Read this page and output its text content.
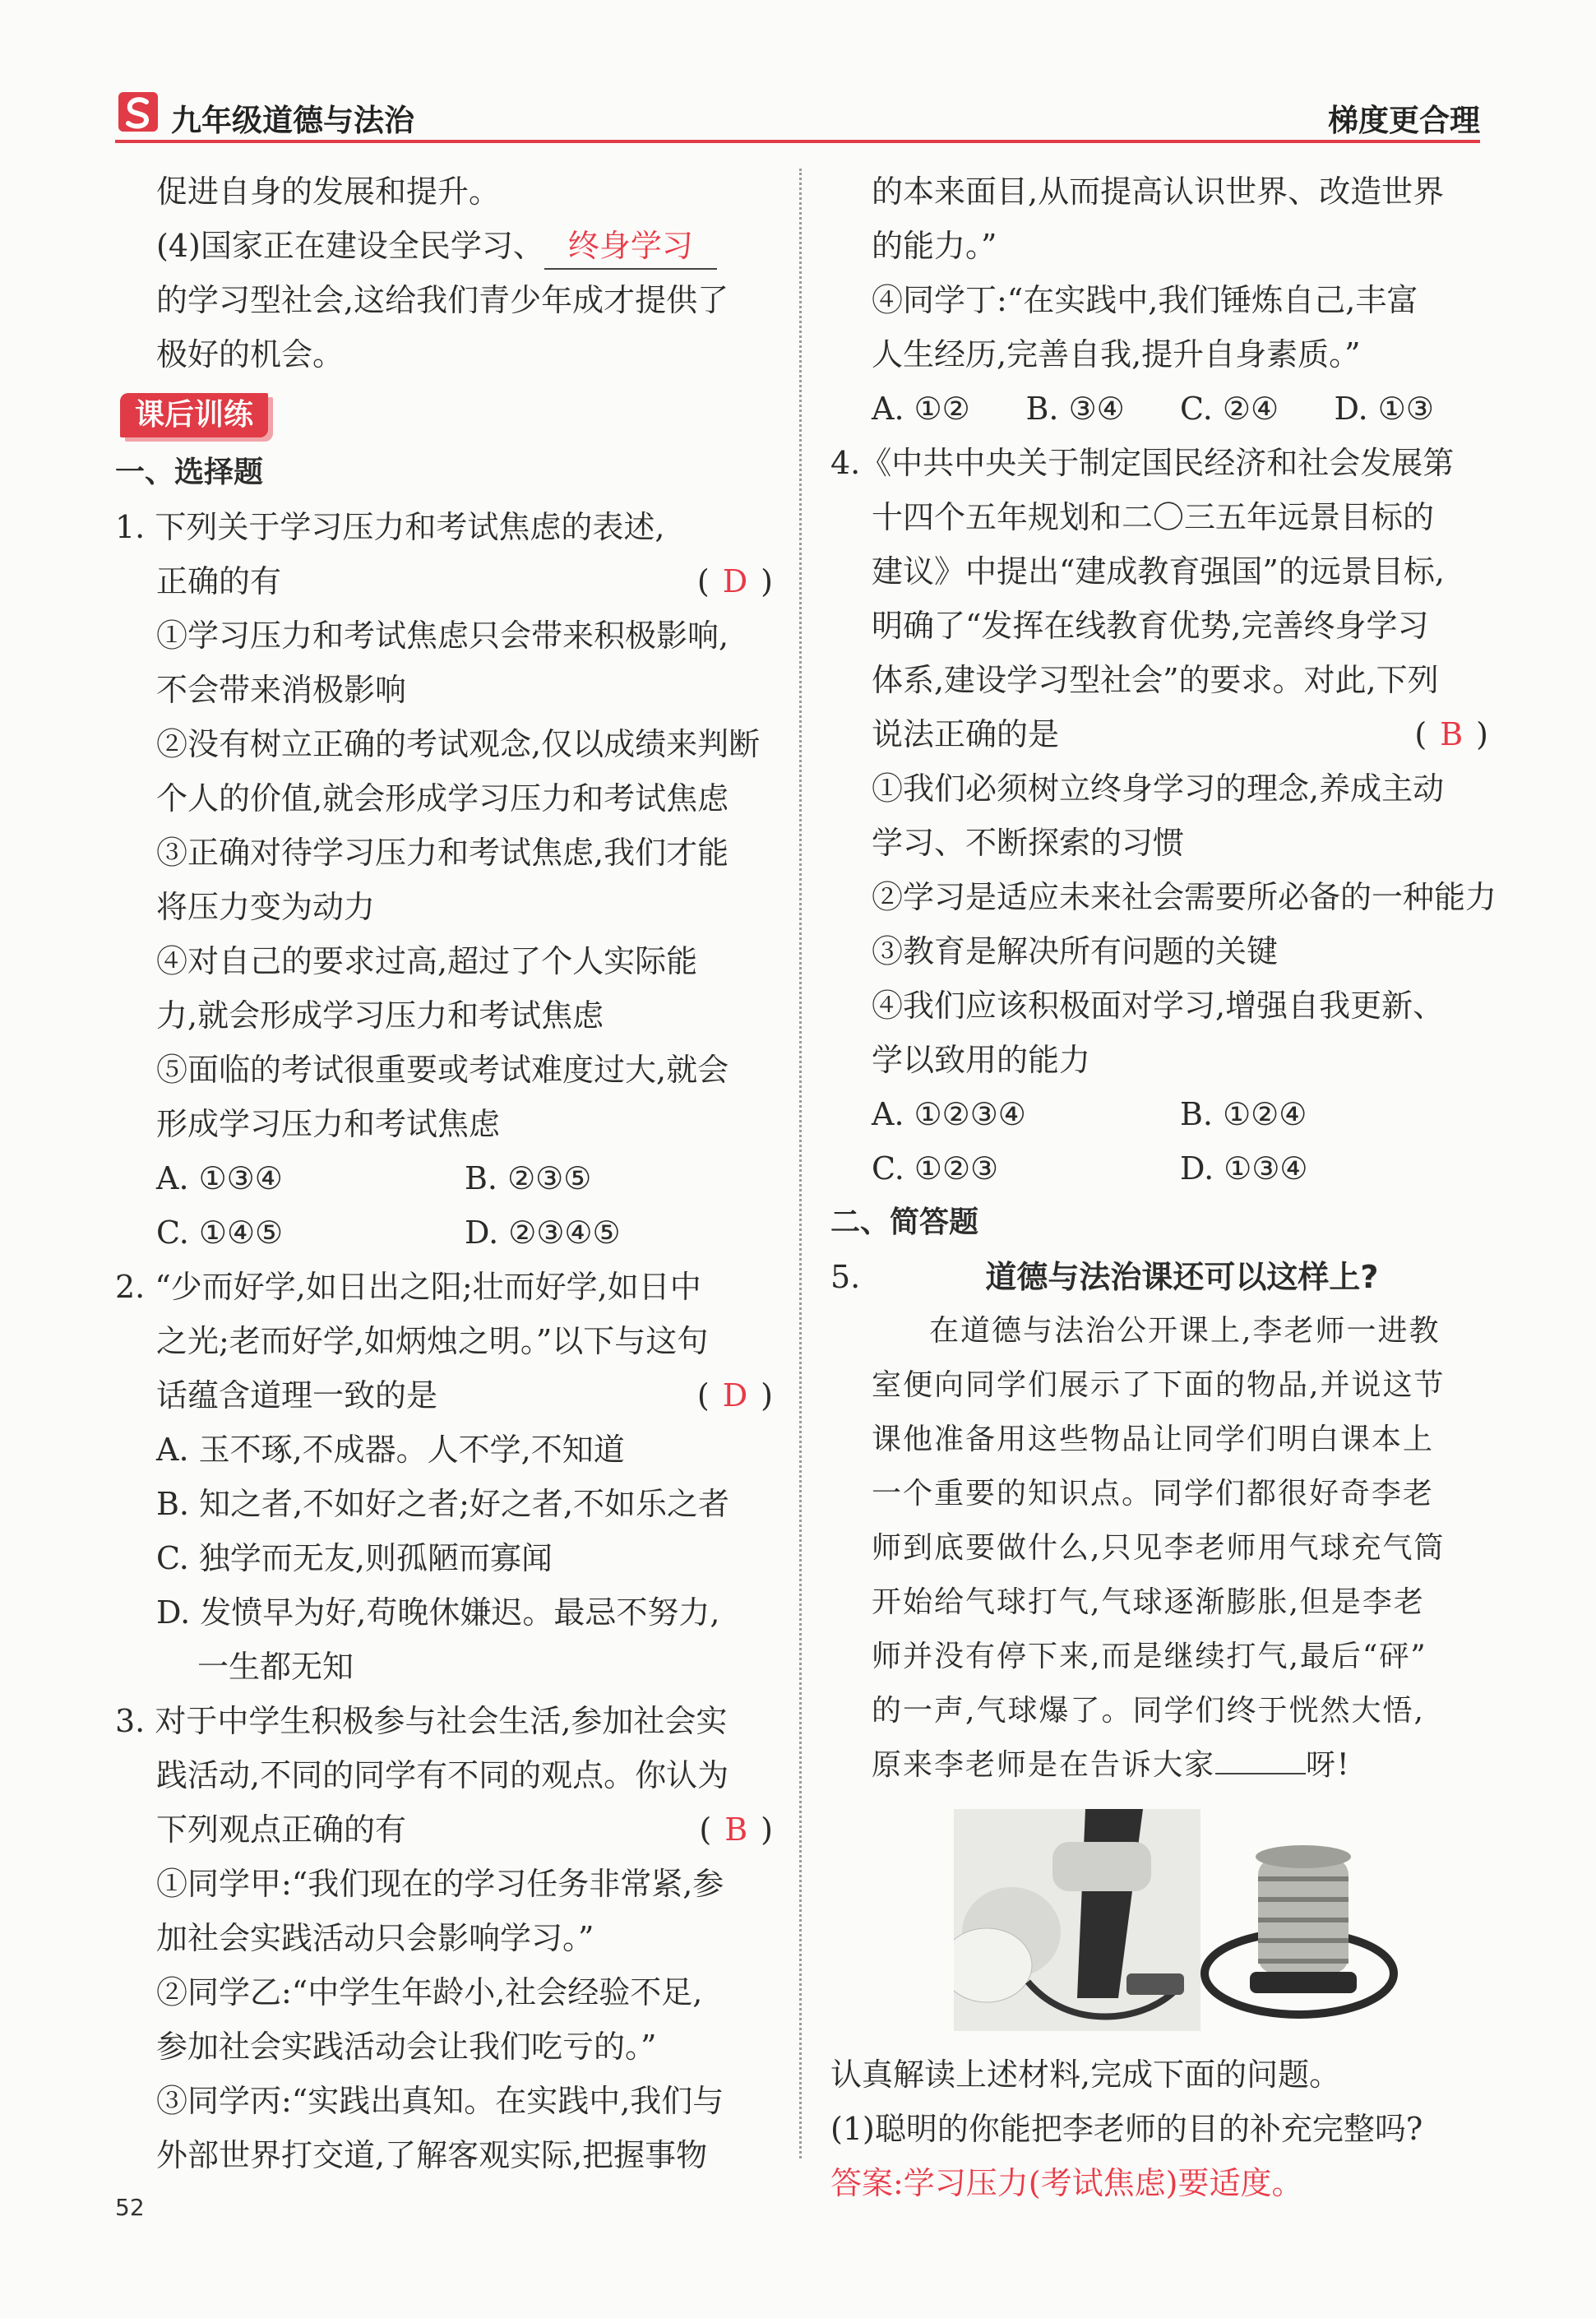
九年级道德与法治	梯度更合理
促进自身的发展和提升。
(4)国家正在建设全民学习、 终身学习
的学习型社会,这给我们青少年成才提供了
极好的机会。
课后训练
一、选择题
1. 下列关于学习压力和考试焦虑的表述,
正确的有	( D )
①学习压力和考试焦虑只会带来积极影响,
不会带来消极影响
②没有树立正确的考试观念,仅以成绩来判断
个人的价值,就会形成学习压力和考试焦虑
③正确对待学习压力和考试焦虑,我们才能
将压力变为动力
④对自己的要求过高,超过了个人实际能
力,就会形成学习压力和考试焦虑
⑤面临的考试很重要或考试难度过大,就会
形成学习压力和考试焦虑
A. ①③④	B. ②③⑤
C. ①④⑤	D. ②③④⑤
2. “少而好学,如日出之阳;壮而好学,如日中
之光;老而好学,如炳烛之明。”以下与这句
话蕴含道理一致的是	( D )
A. 玉不琢,不成器。人不学,不知道
B. 知之者,不如好之者;好之者,不如乐之者
C. 独学而无友,则孤陋而寡闻
D. 发愤早为好,苟晚休嫌迟。最忌不努力,
一生都无知
3. 对于中学生积极参与社会生活,参加社会实
践活动,不同的同学有不同的观点。你认为
下列观点正确的有	( B )
①同学甲:“我们现在的学习任务非常紧,参
加社会实践活动只会影响学习。”
②同学乙:“中学生年龄小,社会经验不足,
参加社会实践活动会让我们吃亏的。”
③同学丙:“实践出真知。在实践中,我们与
外部世界打交道,了解客观实际,把握事物
的本来面目,从而提高认识世界、改造世界
的能力。”
④同学丁:“在实践中,我们锤炼自己,丰富
人生经历,完善自我,提升自身素质。”
A. ①②	B. ③④	C. ②④	D. ①③
4.《中共中央关于制定国民经济和社会发展第
十四个五年规划和二〇三五年远景目标的
建议》中提出“建成教育强国”的远景目标,
明确了“发挥在线教育优势,完善终身学习
体系,建设学习型社会”的要求。对此,下列
说法正确的是	( B )
①我们必须树立终身学习的理念,养成主动
学习、不断探索的习惯
②学习是适应未来社会需要所必备的一种能力
③教育是解决所有问题的关键
④我们应该积极面对学习,增强自我更新、
学以致用的能力
A. ①②③④	B. ①②④
C. ①②③	D. ①③④
二、简答题
5.	道德与法治课还可以这样上?
在道德与法治公开课上,李老师一进教
室便向同学们展示了下面的物品,并说这节
课他准备用这些物品让同学们明白课本上
一个重要的知识点。同学们都很好奇李老
师到底要做什么,只见李老师用气球充气筒
开始给气球打气,气球逐渐膨胀,但是李老
师并没有停下来,而是继续打气,最后“砰”
的一声,气球爆了。同学们终于恍然大悟,
原来李老师是在告诉大家	呀!
认真解读上述材料,完成下面的问题。
(1)聪明的你能把李老师的目的补充完整吗?
答案:学习压力(考试焦虑)要适度。
52
